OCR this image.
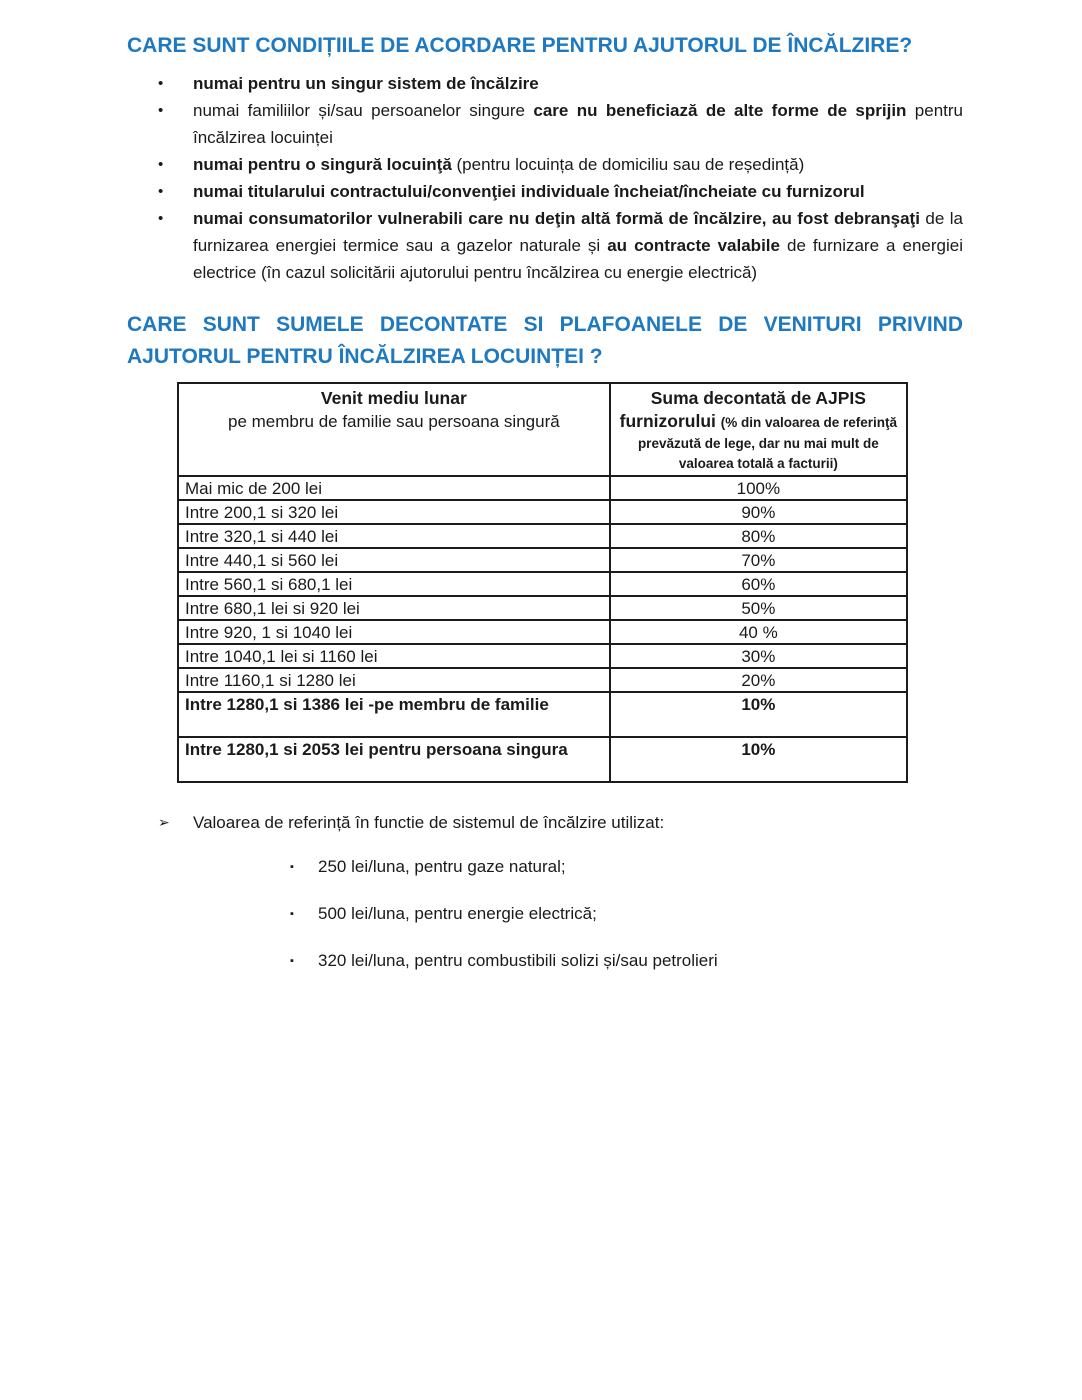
CARE SUNT CONDIȚIILE DE ACORDARE PENTRU AJUTORUL DE ÎNCĂLZIRE?
•	numai pentru un singur sistem de încălzire
•	numai familiilor și/sau persoanelor singure care nu beneficiază de alte forme de sprijin pentru încălzirea locuinței
•	numai pentru o singură locuinţă (pentru locuința de domiciliu sau de reședință)
•	numai titularului contractului/convenţiei individuale încheiat/încheiate cu furnizorul
•	numai consumatorilor vulnerabili care nu deţin altă formă de încălzire, au fost debranşaţi de la furnizarea energiei termice sau a gazelor naturale și au contracte valabile de furnizare a energiei electrice (în cazul solicitării ajutorului pentru încălzirea cu energie electrică)
CARE SUNT SUMELE DECONTATE SI PLAFOANELE DE VENITURI PRIVIND AJUTORUL PENTRU ÎNCĂLZIREA LOCUINȚEI ?
Venit mediu lunar
pe membru de familie sau persoana singură	Suma decontată de AJPIS furnizorului (% din valoarea de referinţă prevăzută de lege, dar nu mai mult de valoarea totală a facturii)
Mai mic de 200 lei	100%
Intre 200,1 si 320 lei	90%
Intre 320,1 si 440 lei	80%
Intre 440,1 si 560 lei	70%
Intre 560,1 si 680,1 lei	60%
Intre 680,1 lei si 920 lei	50%
Intre 920, 1 si 1040 lei	40 %
Intre 1040,1 lei si 1160 lei	30%
Intre 1160,1 si 1280 lei	20%
Intre 1280,1 si 1386 lei -pe membru de familie	10%
Intre 1280,1 si 2053 lei pentru persoana singura	10%
➢	Valoarea de referință în functie de sistemul de încălzire utilizat:
▪	250 lei/luna, pentru gaze natural;
▪	500 lei/luna, pentru energie electrică;
▪	320 lei/luna, pentru combustibili solizi și/sau petrolieri
